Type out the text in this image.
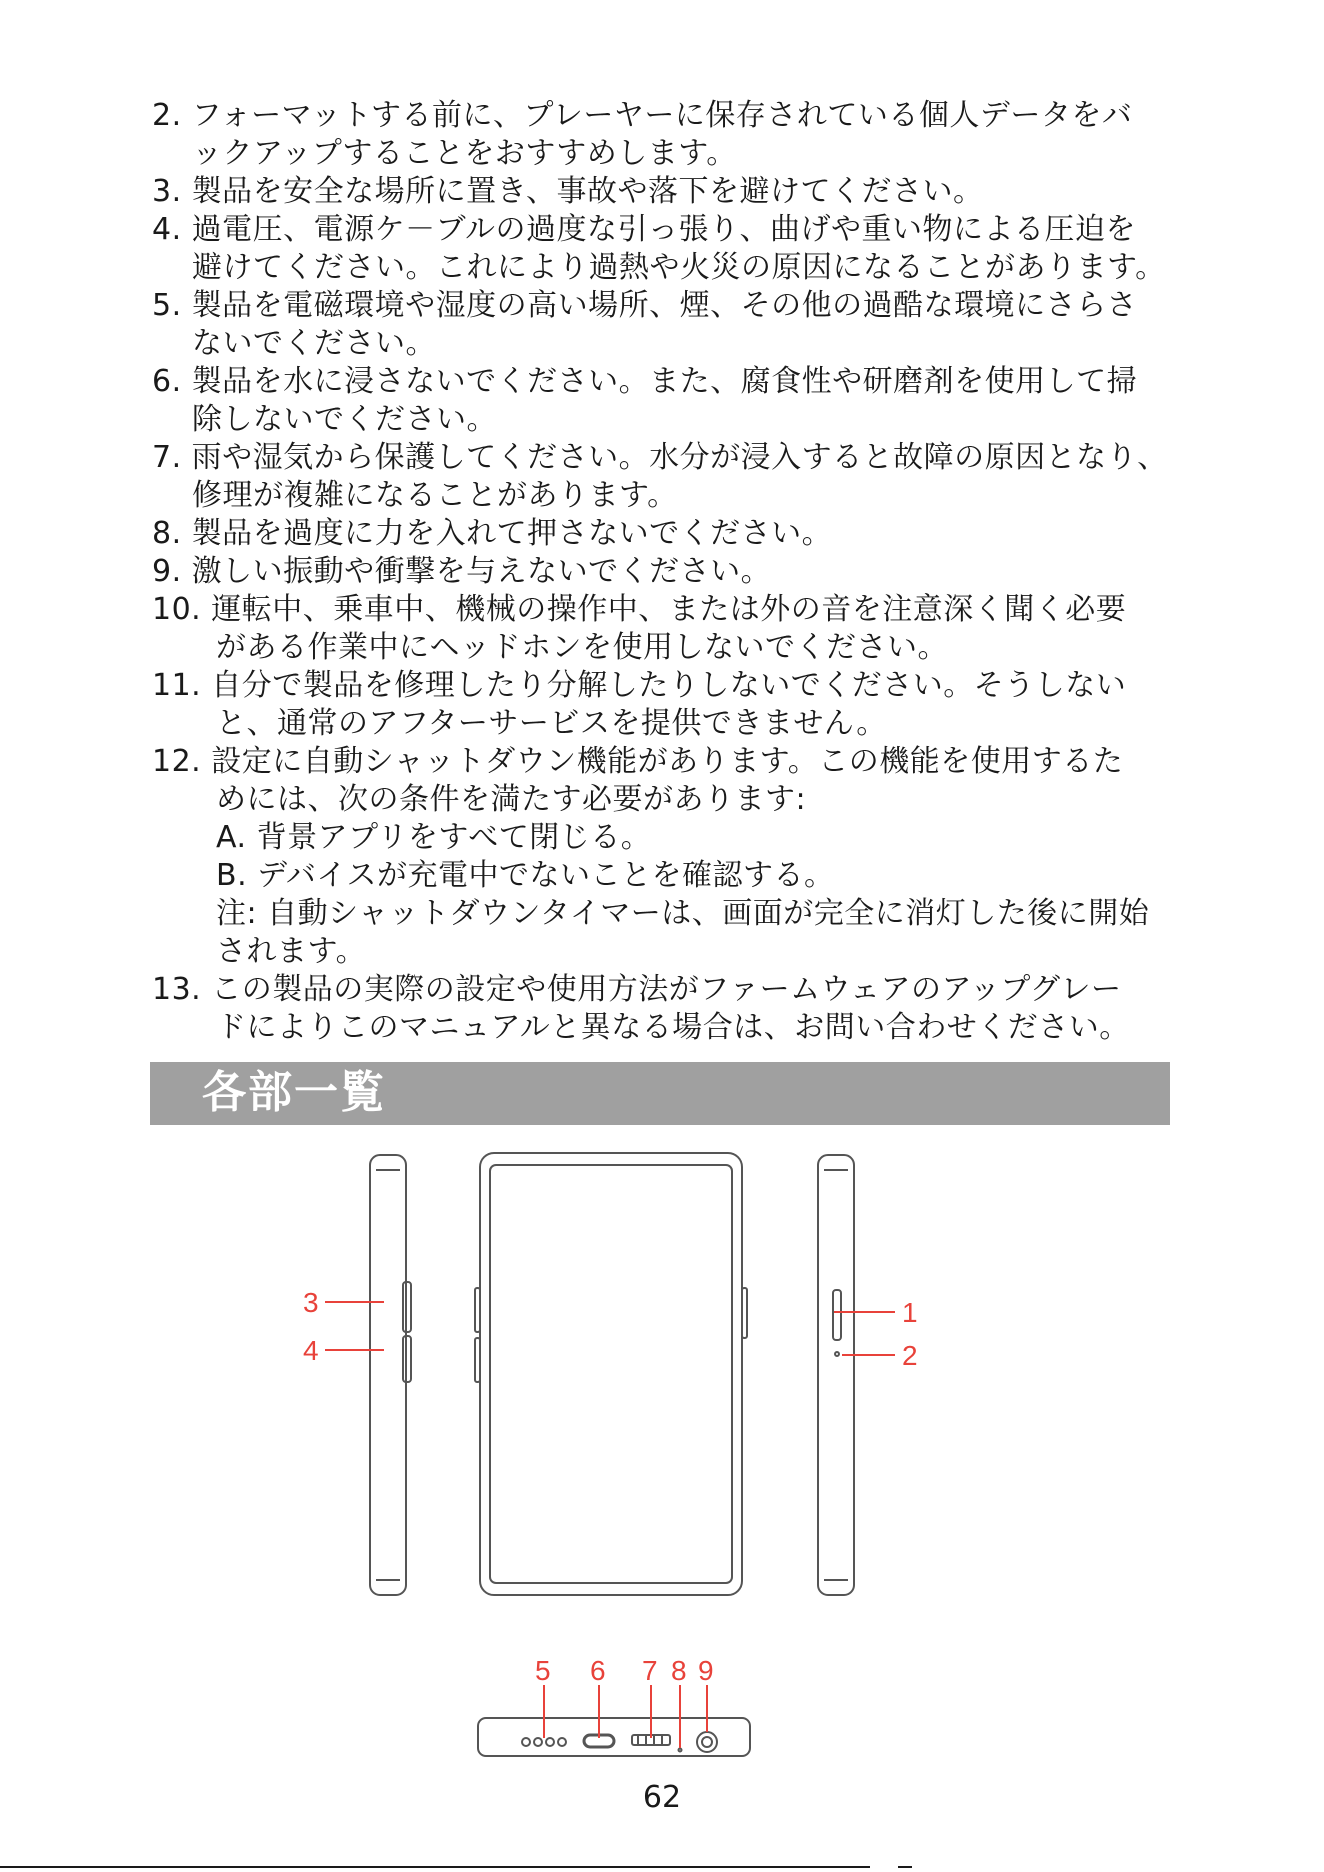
2. フォーマットする前に、プレーヤーに保存されている個人データをバ
ックアップすることをおすすめします。
3. 製品を安全な場所に置き、事故や落下を避けてください。
4. 過電圧、電源ケ－ブルの過度な引っ張り、曲げや重い物による圧迫を
避けてください。これにより過熱や火災の原因になることがあります。
5. 製品を電磁環境や湿度の高い場所、煙、その他の過酷な環境にさらさ
ないでください。
6. 製品を水に浸さないでください。また、腐食性や研磨剤を使用して掃
除しないでください。
7. 雨や湿気から保護してください。水分が浸入すると故障の原因となり、
修理が複雑になることがあります。
8. 製品を過度に力を入れて押さないでください。
9. 激しい振動や衝撃を与えないでください。
10. 運転中、乗車中、機械の操作中、または外の音を注意深く聞く必要
がある作業中にヘッドホンを使用しないでください。
11. 自分で製品を修理したり分解したりしないでください。そうしない
と、通常のアフターサービスを提供できません。
12. 設定に自動シャットダウン機能があります。この機能を使用するた
めには、次の条件を満たす必要があります:
A. 背景アプリをすべて閉じる。
B. デバイスが充電中でないことを確認する。
注: 自動シャットダウンタイマーは、画面が完全に消灯した後に開始
されます。
13. この製品の実際の設定や使用方法がファームウェアのアップグレー
ドによりこのマニュアルと異なる場合は、お問い合わせください。
各部一覧
1
2
3
4
5 6 7 8 9
62
